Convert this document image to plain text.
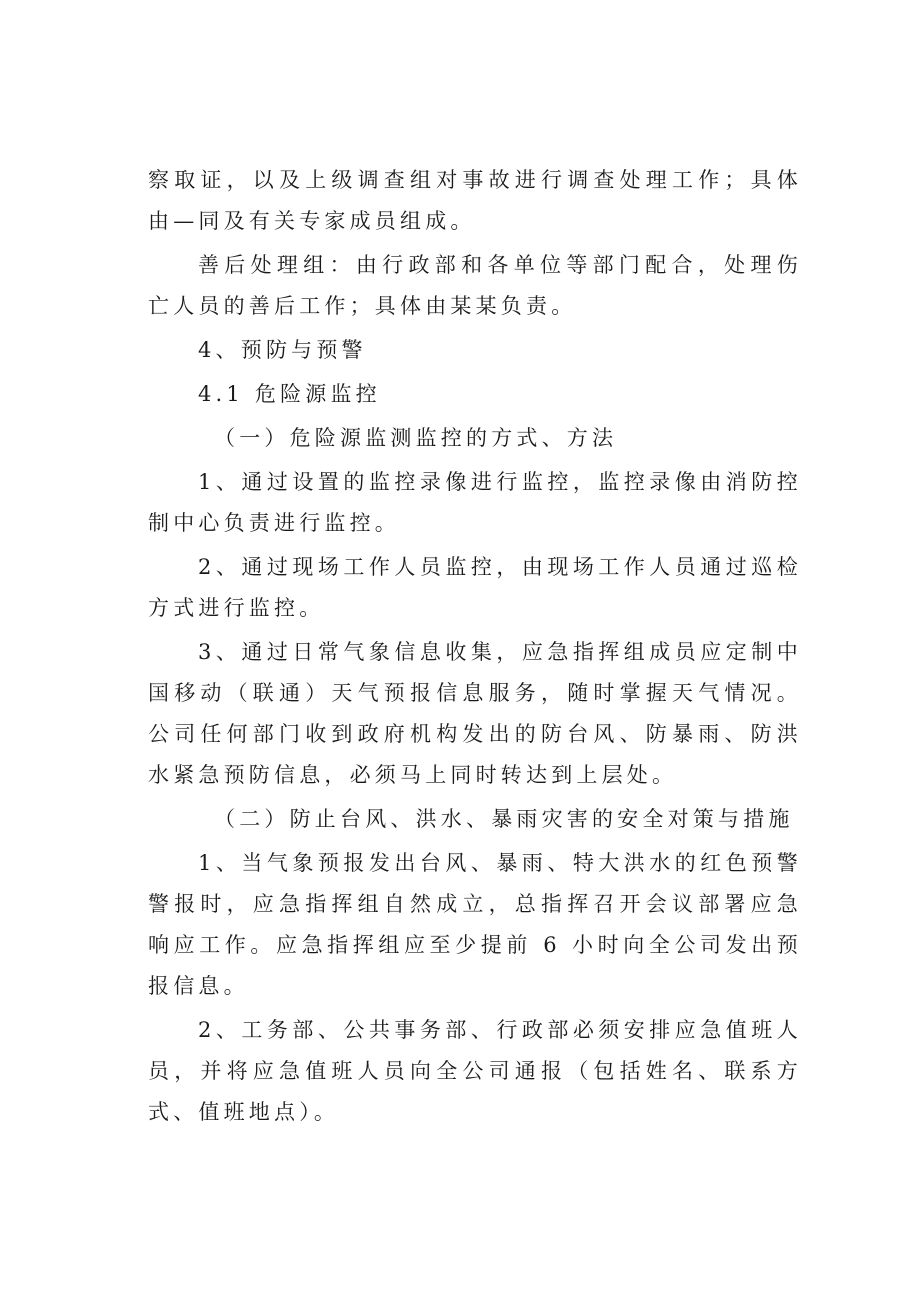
察取证，以及上级调查组对事故进行调查处理工作；具体由—同及有关专家成员组成。

善后处理组：由行政部和各单位等部门配合，处理伤亡人员的善后工作；具体由某某负责。

4、预防与预警

4.1 危险源监控

（一）危险源监测监控的方式、方法

1、通过设置的监控录像进行监控，监控录像由消防控制中心负责进行监控。

2、通过现场工作人员监控，由现场工作人员通过巡检方式进行监控。

3、通过日常气象信息收集，应急指挥组成员应定制中国移动（联通）天气预报信息服务，随时掌握天气情况。公司任何部门收到政府机构发出的防台风、防暴雨、防洪水紧急预防信息，必须马上同时转达到上层处。

（二）防止台风、洪水、暴雨灾害的安全对策与措施

1、当气象预报发出台风、暴雨、特大洪水的红色预警警报时，应急指挥组自然成立，总指挥召开会议部署应急响应工作。应急指挥组应至少提前 6 小时向全公司发出预报信息。

2、工务部、公共事务部、行政部必须安排应急值班人员，并将应急值班人员向全公司通报（包括姓名、联系方式、值班地点）。
